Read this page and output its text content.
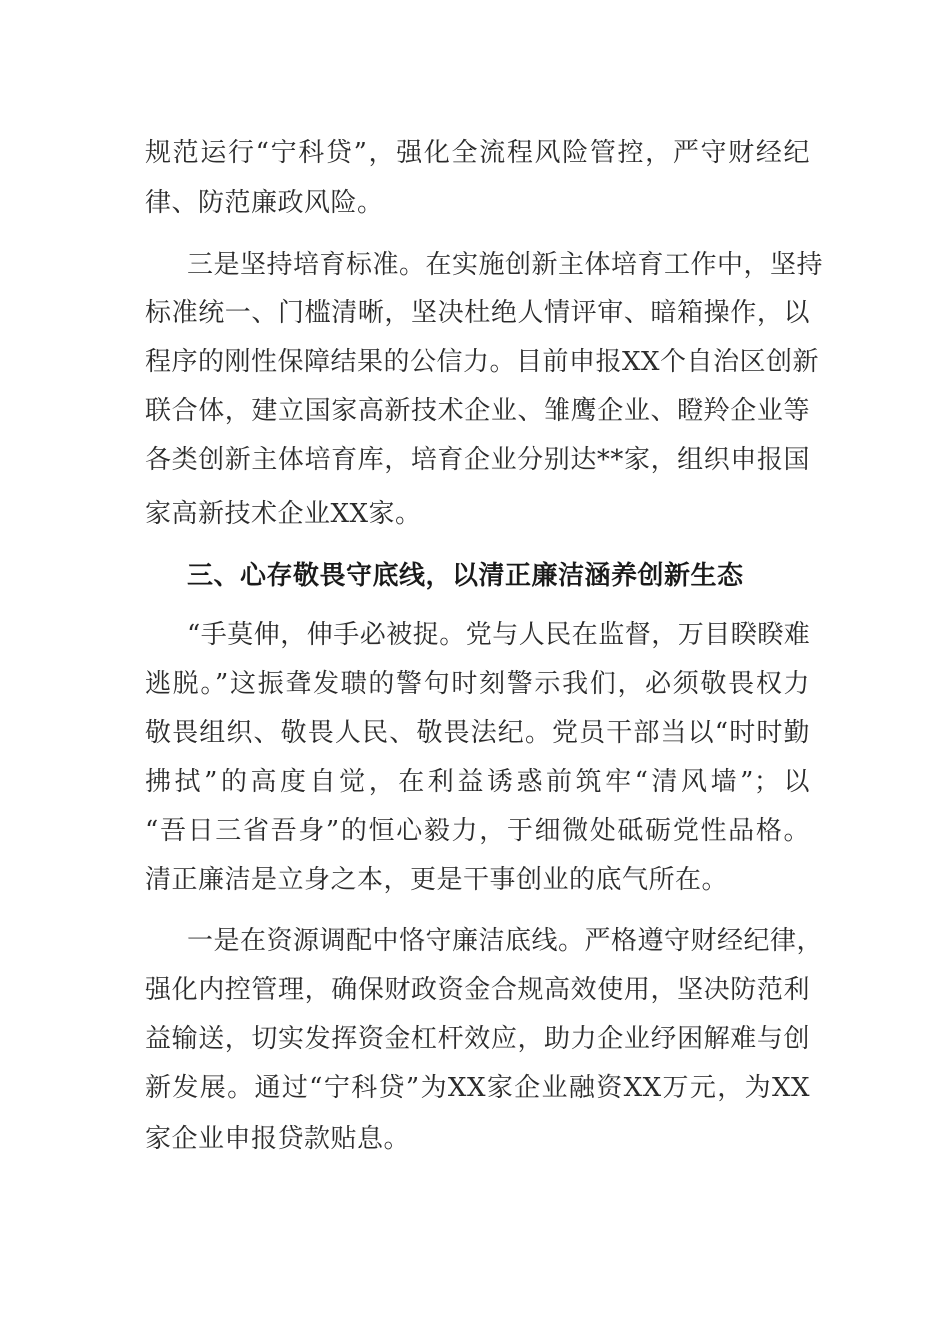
规范运行“宁科贷”，强化全流程风险管控，严守财经纪
律、防范廉政风险。
三是坚持培育标准。在实施创新主体培育工作中，坚持
标准统一、门槛清晰，坚决杜绝人情评审、暗箱操作，以
程序的刚性保障结果的公信力。目前申报XX个自治区创新
联合体，建立国家高新技术企业、雏鹰企业、瞪羚企业等
各类创新主体培育库，培育企业分别达**家，组织申报国
家高新技术企业XX家。
三、心存敬畏守底线，以清正廉洁涵养创新生态
“手莫伸，伸手必被捉。党与人民在监督，万目睽睽难
逃脱。”这振聋发聩的警句时刻警示我们，必须敬畏权力
敬畏组织、敬畏人民、敬畏法纪。党员干部当以“时时勤
拂拭”的高度自觉，在利益诱惑前筑牢“清风墙”；以
“吾日三省吾身”的恒心毅力，于细微处砥砺党性品格。
清正廉洁是立身之本，更是干事创业的底气所在。
一是在资源调配中恪守廉洁底线。严格遵守财经纪律，
强化内控管理，确保财政资金合规高效使用，坚决防范利
益输送，切实发挥资金杠杆效应，助力企业纾困解难与创
新发展。通过“宁科贷”为XX家企业融资XX万元，为XX
家企业申报贷款贴息。
